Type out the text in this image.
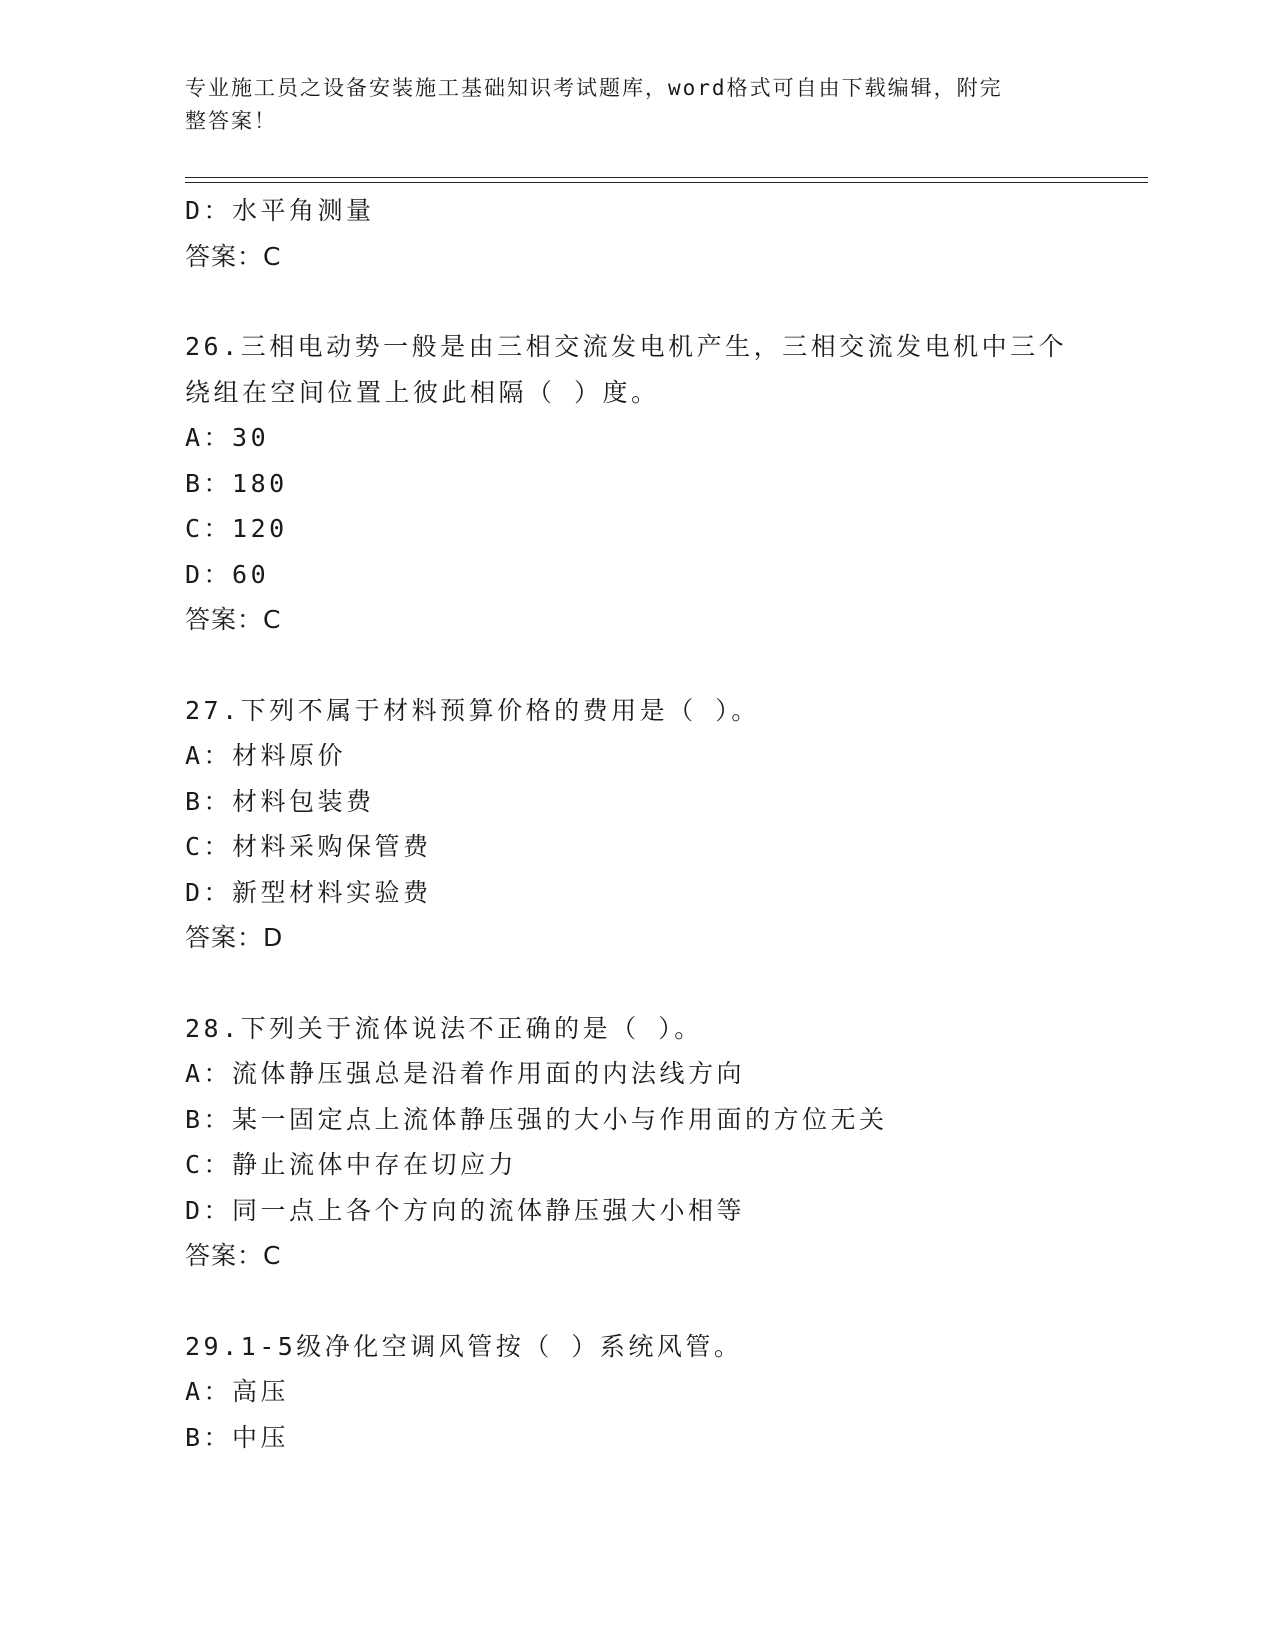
专业施工员之设备安装施工基础知识考试题库，word格式可自由下载编辑，附完
整答案！
D：水平角测量
答案：C
26.三相电动势一般是由三相交流发电机产生，三相交流发电机中三个
绕组在空间位置上彼此相隔（ ）度。
A：30
B：180
C：120
D：60
答案：C
27.下列不属于材料预算价格的费用是（ ）。
A：材料原价
B：材料包装费
C：材料采购保管费
D：新型材料实验费
答案：D
28.下列关于流体说法不正确的是（ ）。
A：流体静压强总是沿着作用面的内法线方向
B：某一固定点上流体静压强的大小与作用面的方位无关
C：静止流体中存在切应力
D：同一点上各个方向的流体静压强大小相等
答案：C
29.1-5级净化空调风管按（ ）系统风管。
A：高压
B：中压
